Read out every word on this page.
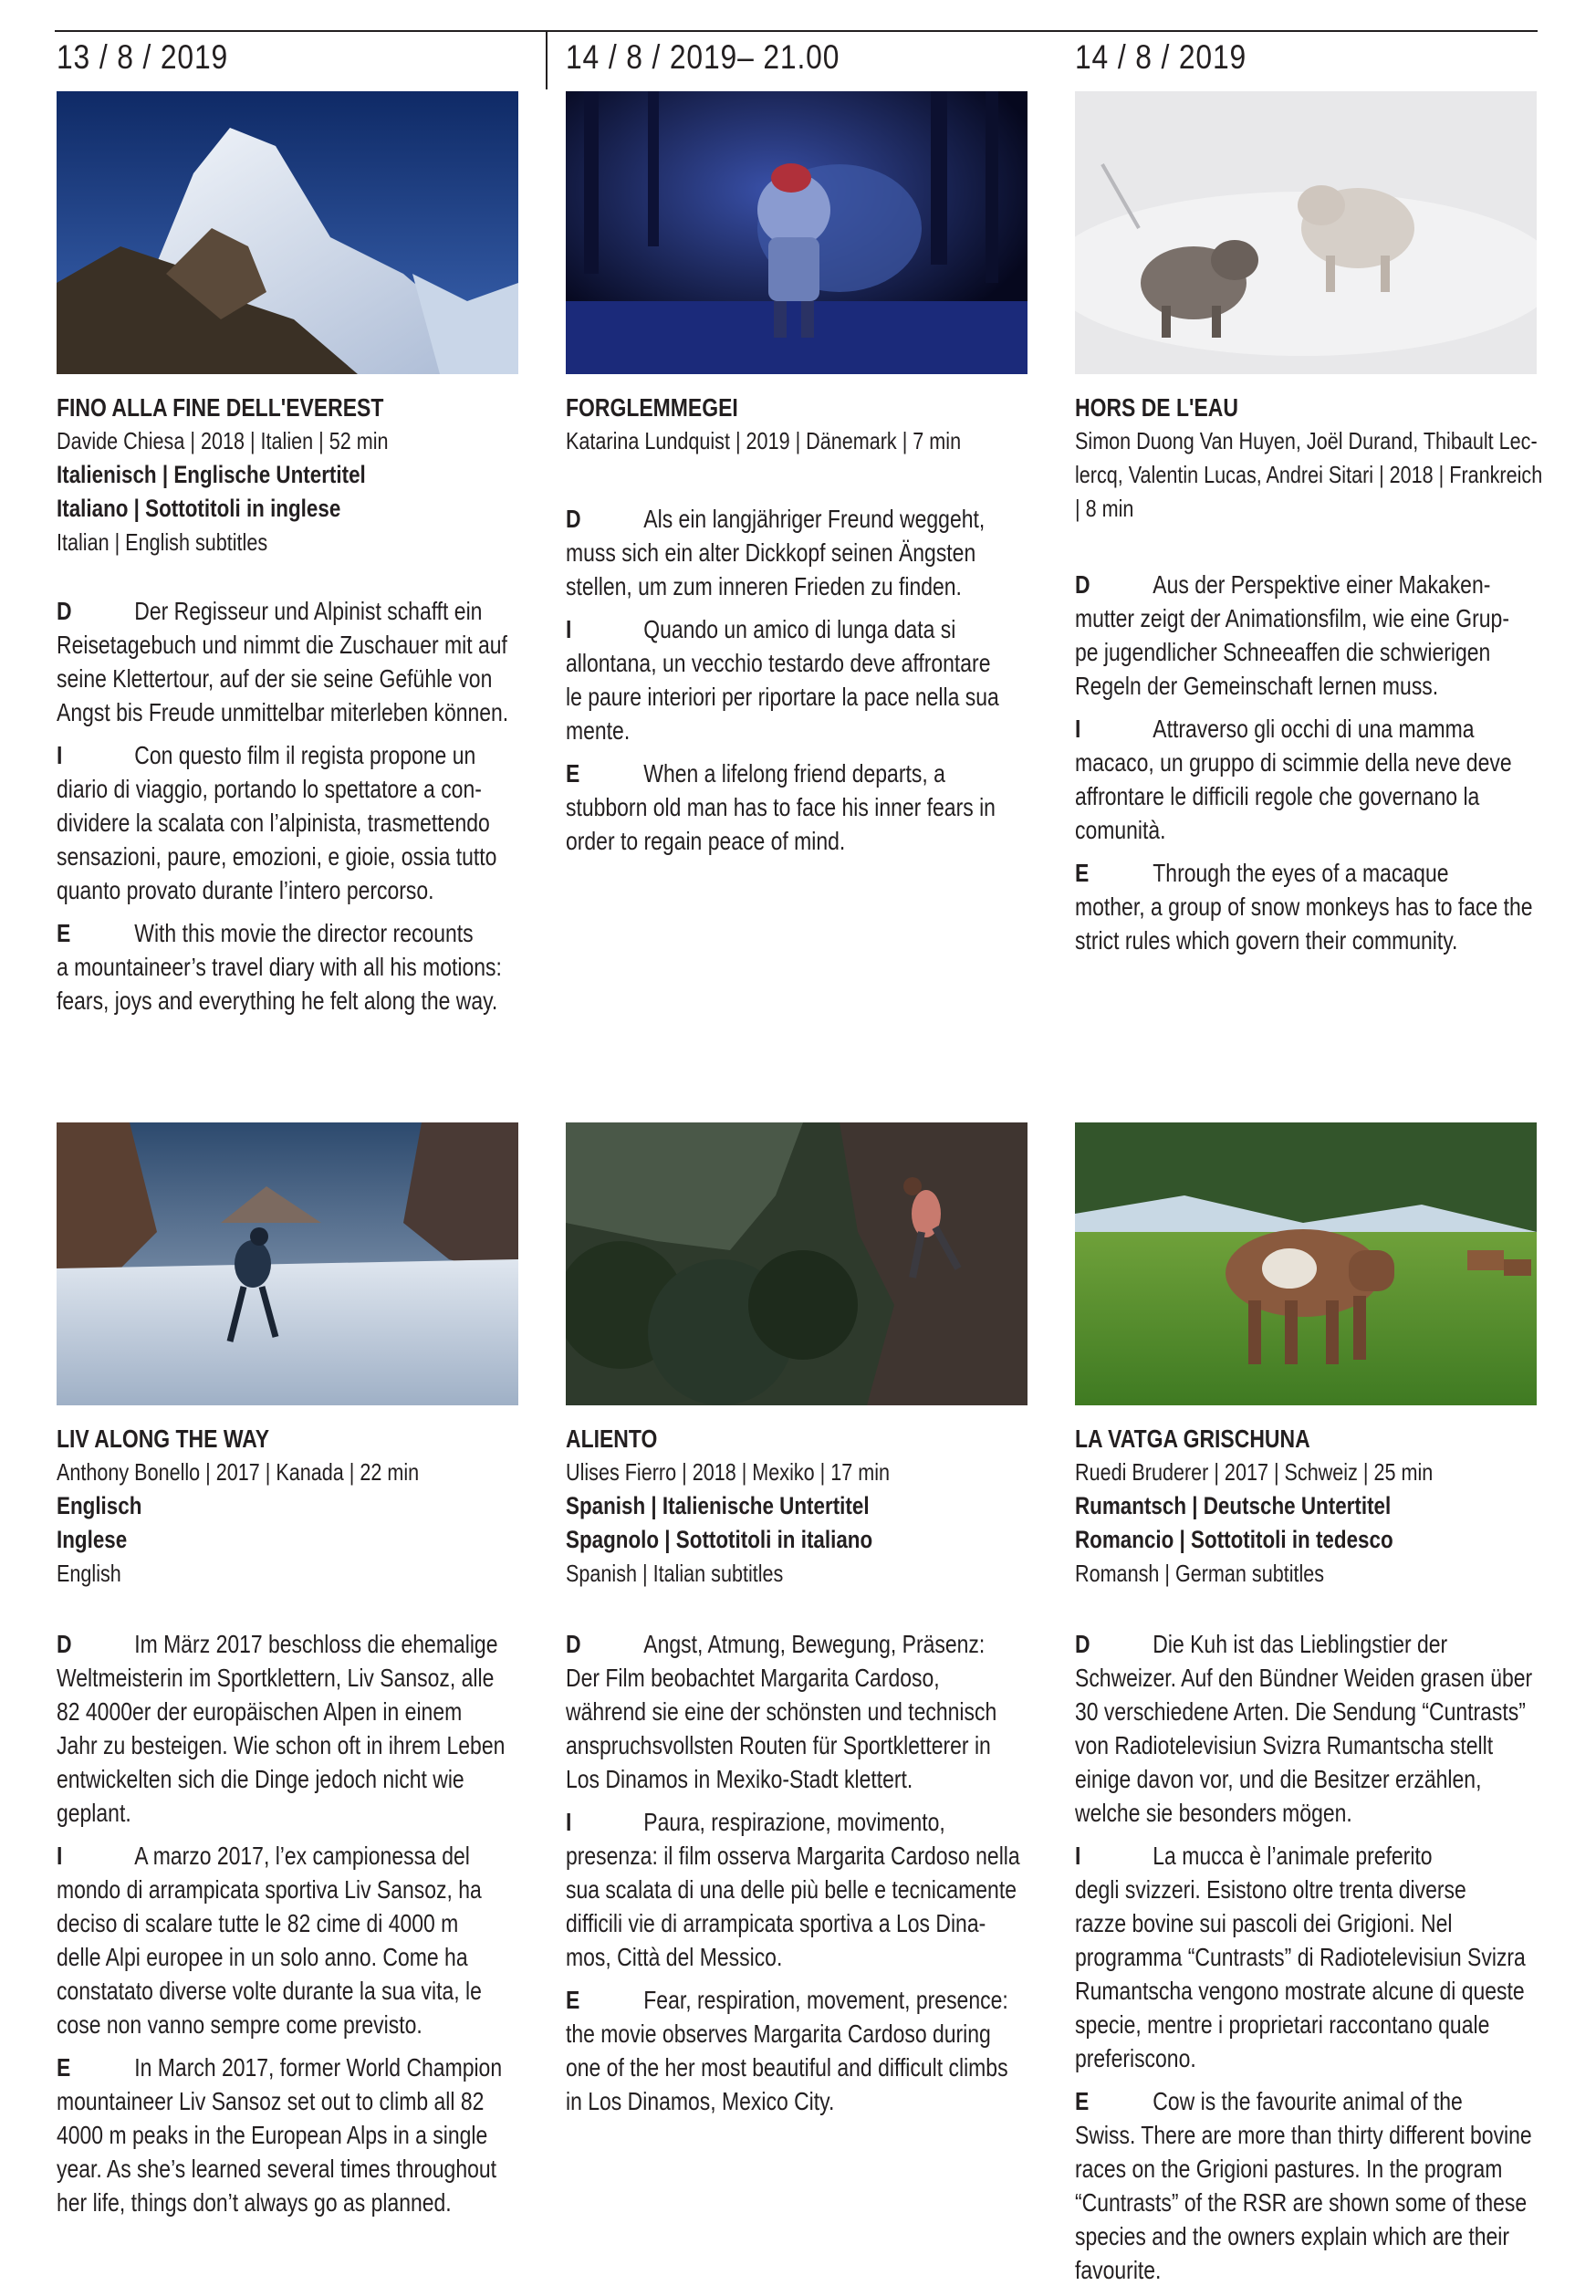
13 / 8 / 2019	14 / 8 / 2019– 21.00	14 / 8 / 2019
FINO ALLA FINE DELL'EVEREST
Davide Chiesa | 2018 | Italien | 52 min
Italienisch | Englische Untertitel
Italiano | Sottotitoli in inglese
Italian | English subtitles
D Der Regisseur und Alpinist schafft ein
Reisetagebuch und nimmt die Zuschauer mit auf
seine Klettertour, auf der sie seine Gefühle von
Angst bis Freude unmittelbar miterleben können.
I	Con questo film il regista propone un
diario di viaggio, portando lo spettatore a con-
dividere la scalata con l’alpinista, trasmettendo
sensazioni, paure, emozioni, e gioie, ossia tutto
quanto provato durante l’intero percorso.
E With this movie the director recounts
a mountaineer’s travel diary with all his motions:
fears, joys and everything he felt along the way.
FORGLEMMEGEI
Katarina Lundquist | 2019 | Dänemark | 7 min
D Als ein langjähriger Freund weggeht,
muss sich ein alter Dickkopf seinen Ängsten
stellen, um zum inneren Frieden zu finden.
I	Quando un amico di lunga data si
allontana, un vecchio testardo deve affrontare
le paure interiori per riportare la pace nella sua
mente.
E When a lifelong friend departs, a
stubborn old man has to face his inner fears in
order to regain peace of mind.
HORS DE L'EAU
Simon Duong Van Huyen, Joël Durand, Thibault Lec-
lercq, Valentin Lucas, Andrei Sitari | 2018 | Frankreich
| 8 min
D Aus der Perspektive einer Makaken-
mutter zeigt der Animationsfilm, wie eine Grup-
pe jugendlicher Schneeaffen die schwierigen
Regeln der Gemeinschaft lernen muss.
I	Attraverso gli occhi di una mamma
macaco, un gruppo di scimmie della neve deve
affrontare le difficili regole che governano la
comunità.
E Through the eyes of a macaque
mother, a group of snow monkeys has to face the
strict rules which govern their community.
LIV ALONG THE WAY
Anthony Bonello | 2017 | Kanada | 22 min
Englisch
Inglese
English
D Im März 2017 beschloss die ehemalige
Weltmeisterin im Sportklettern, Liv Sansoz, alle
82 4000er der europäischen Alpen in einem
Jahr zu besteigen. Wie schon oft in ihrem Leben
entwickelten sich die Dinge jedoch nicht wie
geplant.
I	A marzo 2017, l’ex campionessa del
mondo di arrampicata sportiva Liv Sansoz, ha
deciso di scalare tutte le 82 cime di 4000 m
delle Alpi europee in un solo anno. Come ha
constatato diverse volte durante la sua vita, le
cose non vanno sempre come previsto.
E In March 2017, former World Champion
mountaineer Liv Sansoz set out to climb all 82
4000 m peaks in the European Alps in a single
year. As she’s learned several times throughout
her life, things don’t always go as planned.
ALIENTO
Ulises Fierro | 2018 | Mexiko | 17 min
Spanish | Italienische Untertitel
Spagnolo | Sottotitoli in italiano
Spanish | Italian subtitles
D Angst, Atmung, Bewegung, Präsenz:
Der Film beobachtet Margarita Cardoso,
während sie eine der schönsten und technisch
anspruchsvollsten Routen für Sportkletterer in
Los Dinamos in Mexiko-Stadt klettert.
I	Paura, respirazione, movimento,
presenza: il film osserva Margarita Cardoso nella
sua scalata di una delle più belle e tecnicamente
difficili vie di arrampicata sportiva a Los Dina-
mos, Città del Messico.
E Fear, respiration, movement, presence:
the movie observes Margarita Cardoso during
one of the her most beautiful and difficult climbs
in Los Dinamos, Mexico City.
LA VATGA GRISCHUNA
Ruedi Bruderer | 2017 | Schweiz | 25 min
Rumantsch | Deutsche Untertitel
Romancio | Sottotitoli in tedesco
Romansh | German subtitles
D Die Kuh ist das Lieblingstier der
Schweizer. Auf den Bündner Weiden grasen über
30 verschiedene Arten. Die Sendung “Cuntrasts”
von Radiotelevisiun Svizra Rumantscha stellt
einige davon vor, und die Besitzer erzählen,
welche sie besonders mögen.
I	La mucca è l’animale preferito
degli svizzeri. Esistono oltre trenta diverse
razze bovine sui pascoli dei Grigioni. Nel
programma “Cuntrasts” di Radiotelevisiun Svizra
Rumantscha vengono mostrate alcune di queste
specie, mentre i proprietari raccontano quale
preferiscono.
E Cow is the favourite animal of the
Swiss. There are more than thirty different bovine
races on the Grigioni pastures. In the program
“Cuntrasts” of the RSR are shown some of these
species and the owners explain which are their
favourite.
